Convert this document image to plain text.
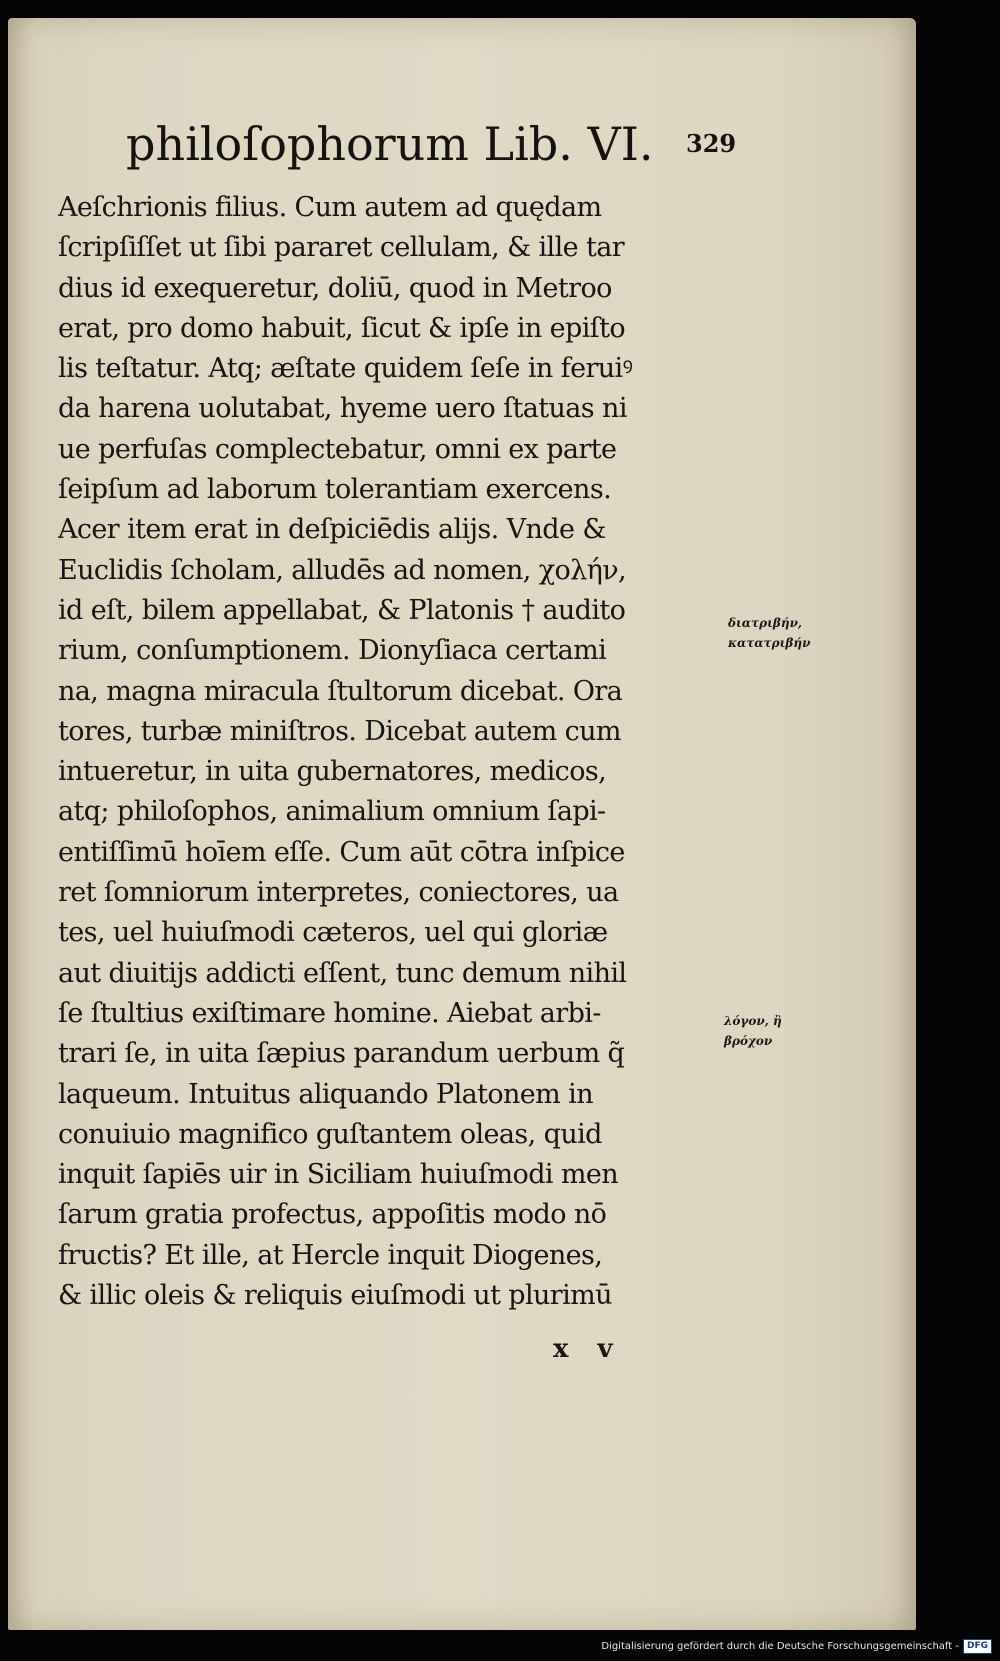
philoſophorum Lib. VI. 329
Aeſchrionis filius. Cum autem ad quędam
ſcripſiſſet ut ſibi pararet cellulam, & ille tar
dius id exequeretur, doliū, quod in Metroo
erat, pro domo habuit, ſicut & ipſe in epiſto
lis teſtatur. Atq; æſtate quidem ſeſe in feruiꝰ
da harena uolutabat, hyeme uero ſtatuas ni
ue perfuſas complectebatur, omni ex parte
ſeipſum ad laborum tolerantiam exercens.
Acer item erat in deſpiciēdis alijs. Vnde &
Euclidis ſcholam, alludēs ad nomen, χολήν,
id eſt, bilem appellabat, & Platonis † audito
rium, conſumptionem. Dionyſiaca certami
na, magna miracula ſtultorum dicebat. Ora
tores, turbæ miniſtros. Dicebat autem cum
intueretur, in uita gubernatores, medicos,
atq; philoſophos, animalium omnium ſapi-
entiſſimū hoīem eſſe. Cum aūt cōtra inſpice
ret ſomniorum interpretes, coniectores, ua
tes, uel huiuſmodi cæteros, uel qui gloriæ
aut diuitijs addicti eſſent, tunc demum nihil
ſe ſtultius exiſtimare homine. Aiebat arbi-
trari ſe, in uita ſæpius parandum uerbum q̃
laqueum. Intuitus aliquando Platonem in
conuiuio magnifico guſtantem oleas, quid
inquit ſapiēs uir in Siciliam huiuſmodi men
ſarum gratia profectus, appoſitis modo nō
fructis? Et ille, at Hercle inquit Diogenes,
& illic oleis & reliquis eiuſmodi ut plurimū
διατριβήν,
κατατριβήν
λόγον, ἢ
βρόχον
x v
Digitalisierung gefördert durch die Deutsche Forschungsgemeinschaft - DFG
